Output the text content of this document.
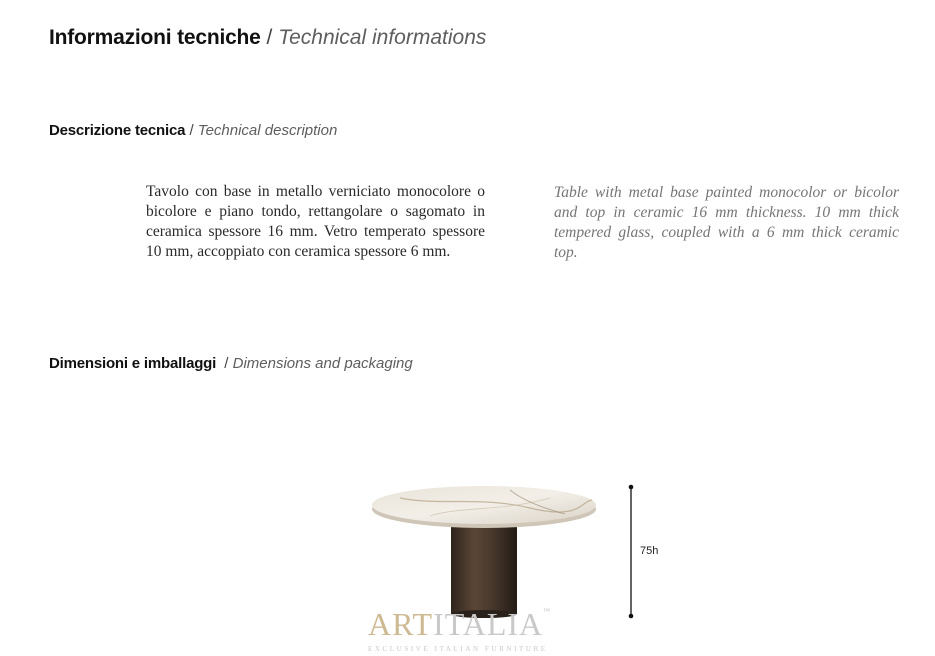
Informazioni tecniche / Technical informations
Descrizione tecnica / Technical description
Tavolo con base in metallo verniciato monocolore o bicolore e piano tondo, rettangolare o sagomato in ceramica spessore 16 mm. Vetro temperato spessore 10 mm, accoppiato con ceramica spessore 6 mm.
Table with metal base painted monocolor or bicolor and top in ceramic 16 mm thickness. 10 mm thick tempered glass, coupled with a 6 mm thick ceramic top.
Dimensioni e imballaggi / Dimensions and packaging
75h
ARTITALIA™
EXCLUSIVE ITALIAN FURNITURE
